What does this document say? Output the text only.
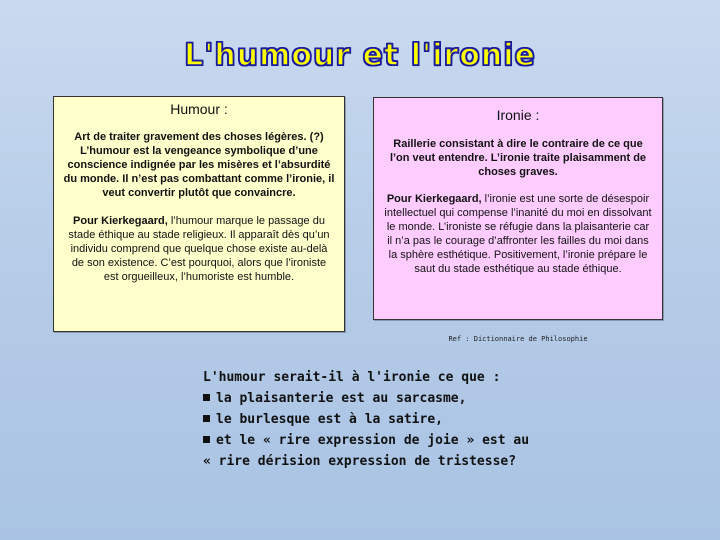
L'humour et l'ironie
Humour :
Art de traiter gravement des choses légères. (?) L’humour est la vengeance symbolique d’une conscience indignée par les misères et l’absurdité du monde. Il n’est pas combattant comme l’ironie, il veut convertir plutôt que convaincre.
Pour Kierkegaard, l’humour marque le passage du stade éthique au stade religieux. Il apparaît dès qu’un individu comprend que quelque chose existe au-delà de son existence. C’est pourquoi, alors que l’ironiste est orgueilleux, l’humoriste est humble.
Ironie :
Raillerie consistant à dire le contraire de ce que l’on veut entendre. L’ironie traite plaisamment de choses graves.
Pour Kierkegaard, l’ironie est une sorte de désespoir intellectuel qui compense l’inanité du moi en dissolvant le monde. L’ironiste se réfugie dans la plaisanterie car il n’a pas le courage d’affronter les failles du moi dans la sphère esthétique. Positivement, l’ironie prépare le saut du stade esthétique au stade éthique.
Ref : Dictionnaire de Philosophie
L'humour serait-il à l'ironie ce que :
la plaisanterie est au sarcasme,
le burlesque est à la satire,
et le « rire expression de joie » est au
« rire dérision expression de tristesse?
